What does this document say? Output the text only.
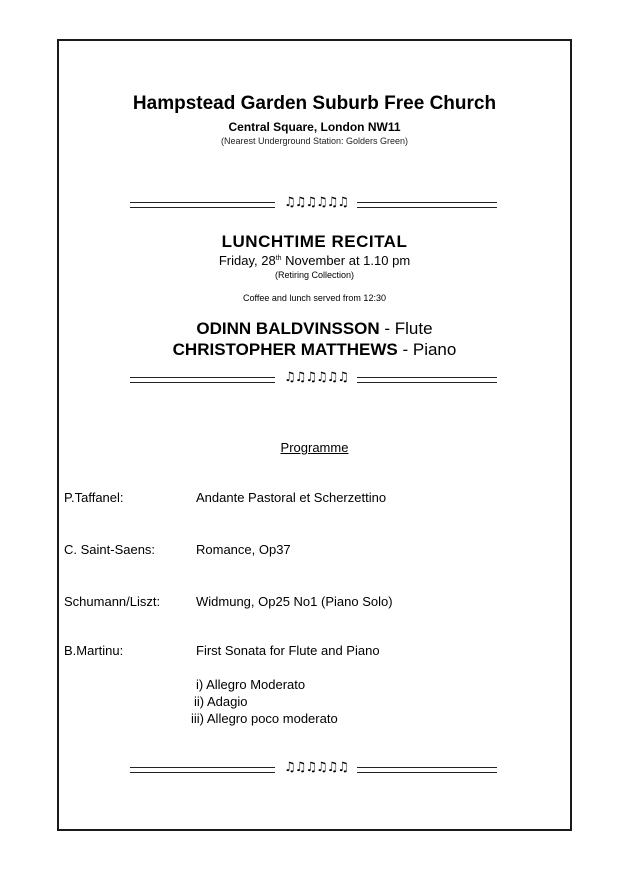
Hampstead Garden Suburb Free Church
Central Square, London NW11
(Nearest Underground Station: Golders Green)
♫♫♫♫♫♫
LUNCHTIME RECITAL
Friday, 28th November at 1.10 pm
(Retiring Collection)
Coffee and lunch served from 12:30
ODINN BALDVINSSON - Flute
CHRISTOPHER MATTHEWS - Piano
♫♫♫♫♫♫
Programme
P.Taffanel:	Andante Pastoral et Scherzettino
C. Saint-Saens:	Romance, Op37
Schumann/Liszt:	Widmung, Op25 No1 (Piano Solo)
B.Martinu:	First Sonata for Flute and Piano
i) Allegro Moderato
ii) Adagio
iii) Allegro poco moderato
♫♫♫♫♫♫
